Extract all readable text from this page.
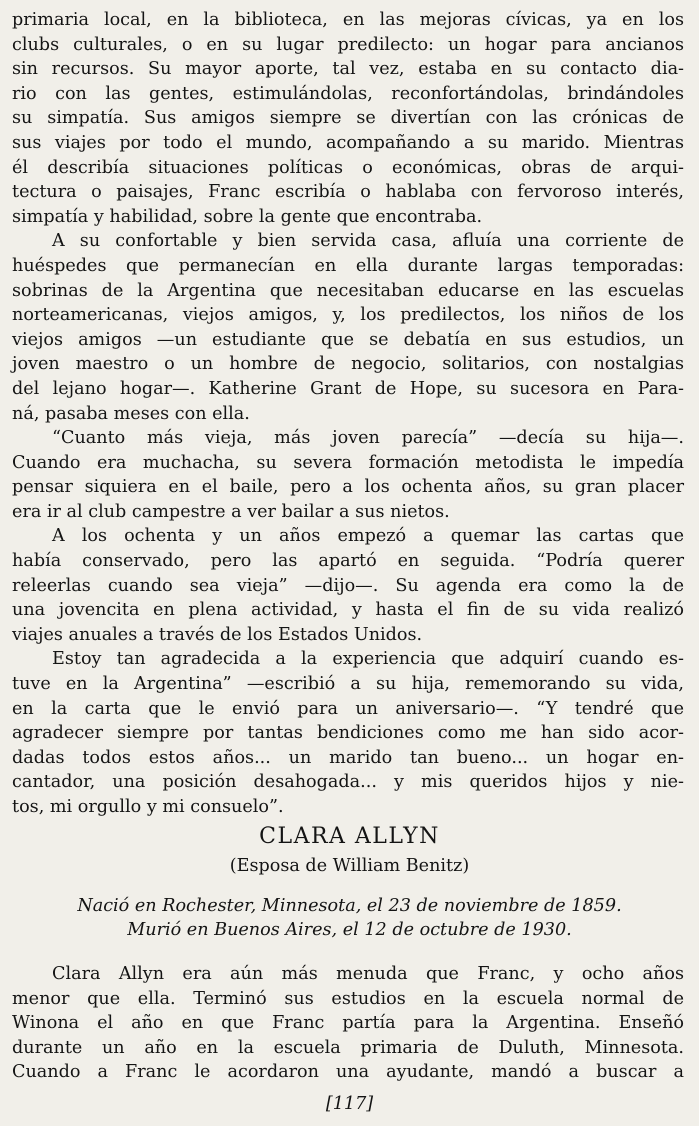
primaria local, en la biblioteca, en las mejoras cívicas, ya en los
clubs culturales, o en su lugar predilecto: un hogar para ancianos
sin recursos. Su mayor aporte, tal vez, estaba en su contacto dia-
rio con las gentes, estimulándolas, reconfortándolas, brindándoles
su simpatía. Sus amigos siempre se divertían con las crónicas de
sus viajes por todo el mundo, acompañando a su marido. Mientras
él describía situaciones políticas o económicas, obras de arqui-
tectura o paisajes, Franc escribía o hablaba con fervoroso interés,
simpatía y habilidad, sobre la gente que encontraba.
A su confortable y bien servida casa, afluía una corriente de
huéspedes que permanecían en ella durante largas temporadas:
sobrinas de la Argentina que necesitaban educarse en las escuelas
norteamericanas, viejos amigos, y, los predilectos, los niños de los
viejos amigos —un estudiante que se debatía en sus estudios, un
joven maestro o un hombre de negocio, solitarios, con nostalgias
del lejano hogar—. Katherine Grant de Hope, su sucesora en Para-
ná, pasaba meses con ella.
“Cuanto más vieja, más joven parecía” —decía su hija—.
Cuando era muchacha, su severa formación metodista le impedía
pensar siquiera en el baile, pero a los ochenta años, su gran placer
era ir al club campestre a ver bailar a sus nietos.
A los ochenta y un años empezó a quemar las cartas que
había conservado, pero las apartó en seguida. “Podría querer
releerlas cuando sea vieja” —dijo—. Su agenda era como la de
una jovencita en plena actividad, y hasta el fin de su vida realizó
viajes anuales a través de los Estados Unidos.
Estoy tan agradecida a la experiencia que adquirí cuando es-
tuve en la Argentina” —escribió a su hija, rememorando su vida,
en la carta que le envió para un aniversario—. “Y tendré que
agradecer siempre por tantas bendiciones como me han sido acor-
dadas todos estos años... un marido tan bueno... un hogar en-
cantador, una posición desahogada... y mis queridos hijos y nie-
tos, mi orgullo y mi consuelo”.
CLARA ALLYN
(Esposa de William Benitz)
Nació en Rochester, Minnesota, el 23 de noviembre de 1859.
Murió en Buenos Aires, el 12 de octubre de 1930.
Clara Allyn era aún más menuda que Franc, y ocho años
menor que ella. Terminó sus estudios en la escuela normal de
Winona el año en que Franc partía para la Argentina. Enseñó
durante un año en la escuela primaria de Duluth, Minnesota.
Cuando a Franc le acordaron una ayudante, mandó a buscar a
[117]
